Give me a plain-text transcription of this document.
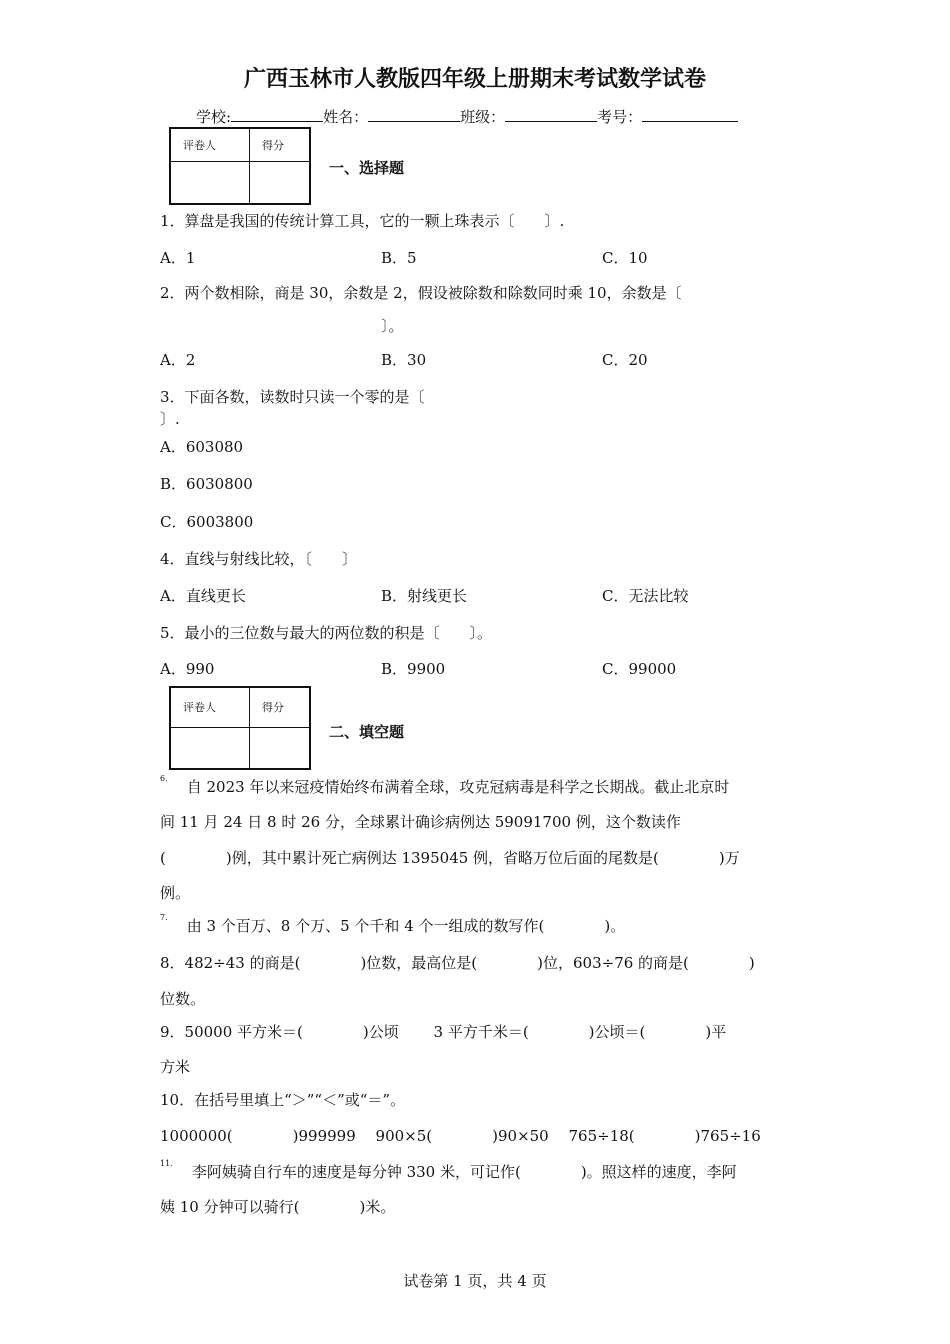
广西玉林市人教版四年级上册期末考试数学试卷
学校:	姓名：	班级：	考号：
评卷人	得分

一、选择题
1．算盘是我国的传统计算工具，它的一颗上珠表示〔　　〕.
A．1	B．5	C．10
2．两个数相除，商是 30，余数是 2，假设被除数和除数同时乘 10，余数是〔
〕。
A．2	B．30	C．20
3．下面各数，读数时只读一个零的是〔
〕.
A．603080
B．6030800
C．6003800
4．直线与射线比较，〔　　〕
A．直线更长	B．射线更长	C．无法比较
5．最小的三位数与最大的两位数的积是〔　　〕。
A．990	B．9900	C．99000
评卷人	得分

二、填空题
$^{6.}$ 自 2023 年以来冠疫情始终布满着全球，攻克冠病毒是科学之长期战。截止北京时
间 11 月 24 日 8 时 26 分，全球累计确诊病例达 59091700 例，这个数读作
(　　　　)例，其中累计死亡病例达 1395045 例，省略万位后面的尾数是(　　　　)万
例。
$^{7.}$ 由 3 个百万、8 个万、5 个千和 4 个一组成的数写作(　　　　)。
8．482÷43 的商是(　　　　)位数，最高位是(　　　　)位，603÷76 的商是(　　　　)
位数。
9．50000 平方米＝(　　　　)公顷　　 3 平方千米＝(　　　　)公顷＝(　　　　)平
方米
10．在括号里填上“＞”“＜”或“＝”。
1000000(　　　　)999999　 900×5(　　　　)90×50　 765÷18(　　　　)765÷16
$^{11.}$ 李阿姨骑自行车的速度是每分钟 330 米，可记作(　　　　)。照这样的速度，李阿
姨 10 分钟可以骑行(　　　　)米。
试卷第 1 页，共 4 页
